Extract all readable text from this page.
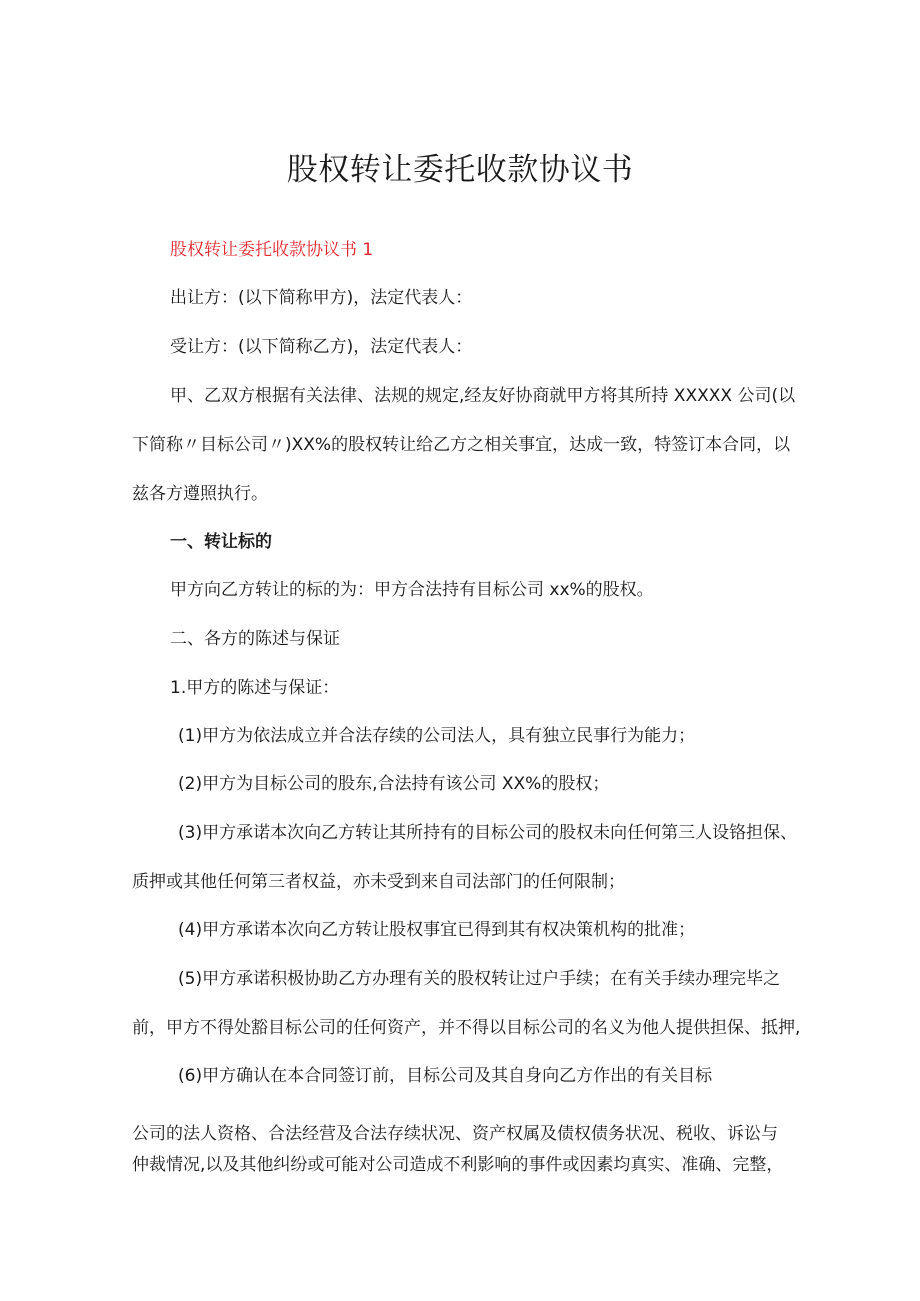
股权转让委托收款协议书
股权转让委托收款协议书 1
出让方：(以下简称甲方)，法定代表人：
受让方：(以下简称乙方)，法定代表人：
甲、乙双方根据有关法律、法规的规定,经友好协商就甲方将其所持 XXXXX 公司(以
下简称〃目标公司〃)XX%的股权转让给乙方之相关事宜，达成一致，特签订本合同，以
兹各方遵照执行。
一、转让标的
甲方向乙方转让的标的为：甲方合法持有目标公司 xx%的股权。
二、各方的陈述与保证
1.甲方的陈述与保证：
(1)甲方为依法成立并合法存续的公司法人，具有独立民事行为能力；
(2)甲方为目标公司的股东,合法持有该公司 XX%的股权；
(3)甲方承诺本次向乙方转让其所持有的目标公司的股权未向任何第三人设铬担保、
质押或其他任何第三者权益，亦未受到来自司法部门的任何限制；
(4)甲方承诺本次向乙方转让股权事宜已得到其有权决策机构的批准；
(5)甲方承诺积极协助乙方办理有关的股权转让过户手续；在有关手续办理完毕之
前，甲方不得处豁目标公司的任何资产，并不得以目标公司的名义为他人提供担保、抵押,
(6)甲方确认在本合同签订前，目标公司及其自身向乙方作出的有关目标
公司的法人资格、合法经营及合法存续状况、资产权属及债权债务状况、税收、诉讼与
仲裁情况,以及其他纠纷或可能对公司造成不利影响的事件或因素均真实、准确、完整，
